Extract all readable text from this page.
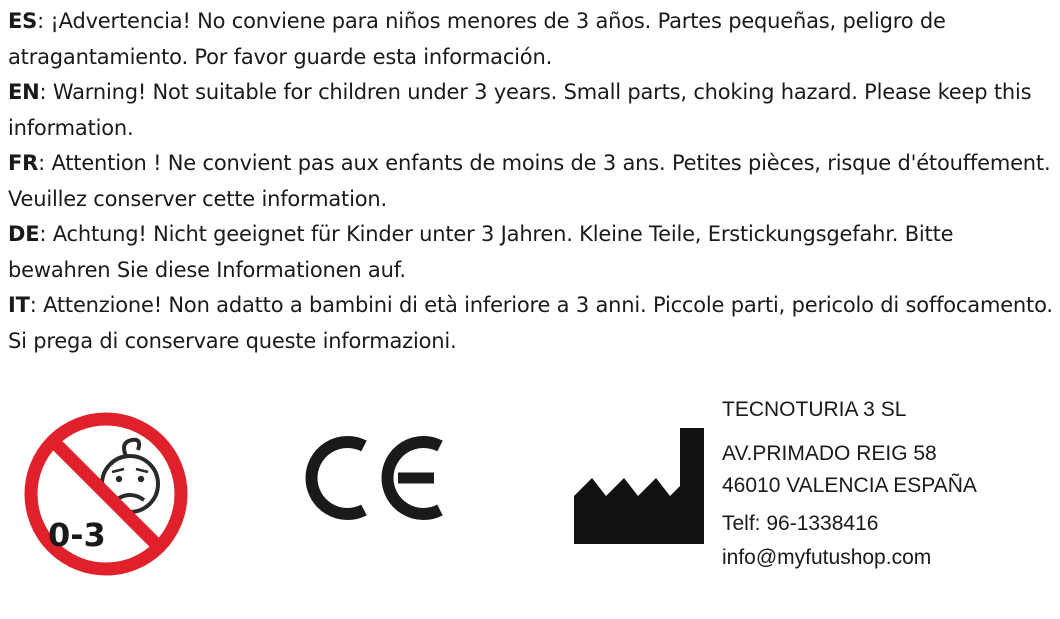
ES: ¡Advertencia! No conviene para niños menores de 3 años. Partes pequeñas, peligro de atragantamiento. Por favor guarde esta información.

EN: Warning! Not suitable for children under 3 years. Small parts, choking hazard. Please keep this information.

FR: Attention ! Ne convient pas aux enfants de moins de 3 ans. Petites pièces, risque d'étouffement. Veuillez conserver cette information.

DE: Achtung! Nicht geeignet für Kinder unter 3 Jahren. Kleine Teile, Erstickungsgefahr. Bitte bewahren Sie diese Informationen auf.

IT: Attenzione! Non adatto a bambini di età inferiore a 3 anni. Piccole parti, pericolo di soffocamento. Si prega di conservare queste informazioni.

0-3
TECNOTURIA 3 SL
AV.PRIMADO REIG 58
46010 VALENCIA ESPAÑA
Telf: 96-1338416
info@myfutushop.com
